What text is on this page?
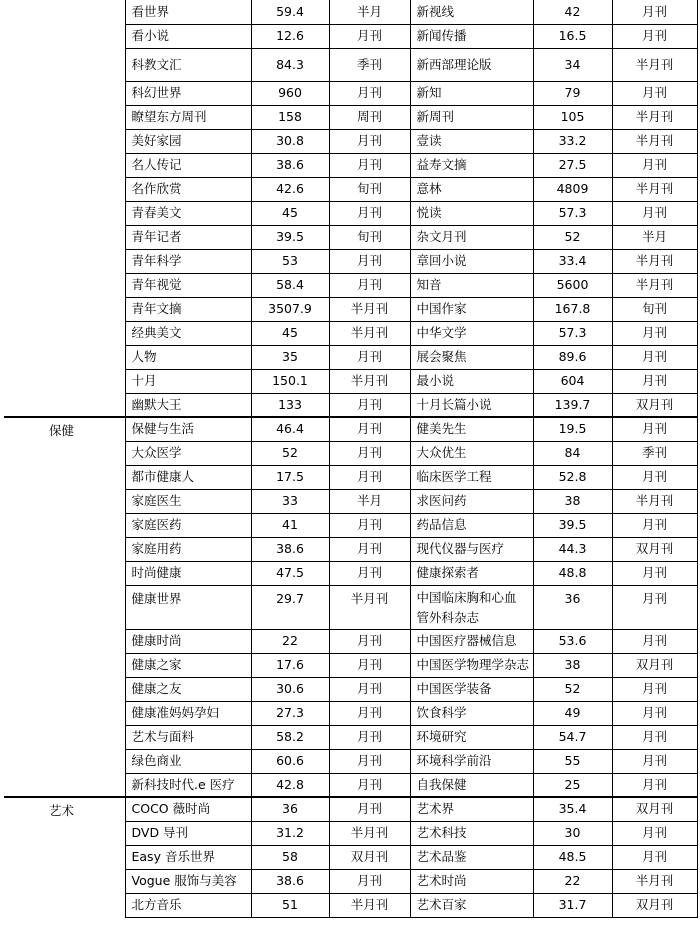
	看世界	59.4	半月	新视线	42	月刊
	看小说	12.6	月刊	新闻传播	16.5	月刊
	科教文汇	84.3	季刊	新西部理论版	34	半月刊
	科幻世界	960	月刊	新知	79	月刊
	瞭望东方周刊	158	周刊	新周刊	105	半月刊
	美好家园	30.8	月刊	壹读	33.2	半月刊
	名人传记	38.6	月刊	益寿文摘	27.5	月刊
	名作欣赏	42.6	旬刊	意林	4809	半月刊
	青春美文	45	月刊	悦读	57.3	月刊
	青年记者	39.5	旬刊	杂文月刊	52	半月
	青年科学	53	月刊	章回小说	33.4	半月刊
	青年视觉	58.4	月刊	知音	5600	半月刊
	青年文摘	3507.9	半月刊	中国作家	167.8	旬刊
	经典美文	45	半月刊	中华文学	57.3	月刊
	人物	35	月刊	展会聚焦	89.6	月刊
	十月	150.1	半月刊	最小说	604	月刊
	幽默大王	133	月刊	十月长篇小说	139.7	双月刊
保健	保健与生活	46.4	月刊	健美先生	19.5	月刊
	大众医学	52	月刊	大众优生	84	季刊
	都市健康人	17.5	月刊	临床医学工程	52.8	月刊
	家庭医生	33	半月	求医问药	38	半月刊
	家庭医药	41	月刊	药品信息	39.5	月刊
	家庭用药	38.6	月刊	现代仪器与医疗	44.3	双月刊
	时尚健康	47.5	月刊	健康探索者	48.8	月刊
	健康世界	29.7	半月刊	中国临床胸和心血管外科杂志	36	月刊
	健康时尚	22	月刊	中国医疗器械信息	53.6	月刊
	健康之家	17.6	月刊	中国医学物理学杂志	38	双月刊
	健康之友	30.6	月刊	中国医学装备	52	月刊
	健康准妈妈孕妇	27.3	月刊	饮食科学	49	月刊
	艺术与面料	58.2	月刊	环境研究	54.7	月刊
	绿色商业	60.6	月刊	环境科学前沿	55	月刊
	新科技时代.e 医疗	42.8	月刊	自我保健	25	月刊
艺术	COCO 薇时尚	36	月刊	艺术界	35.4	双月刊
	DVD 导刊	31.2	半月刊	艺术科技	30	月刊
	Easy 音乐世界	58	双月刊	艺术品鉴	48.5	月刊
	Vogue 服饰与美容	38.6	月刊	艺术时尚	22	半月刊
	北方音乐	51	半月刊	艺术百家	31.7	双月刊
